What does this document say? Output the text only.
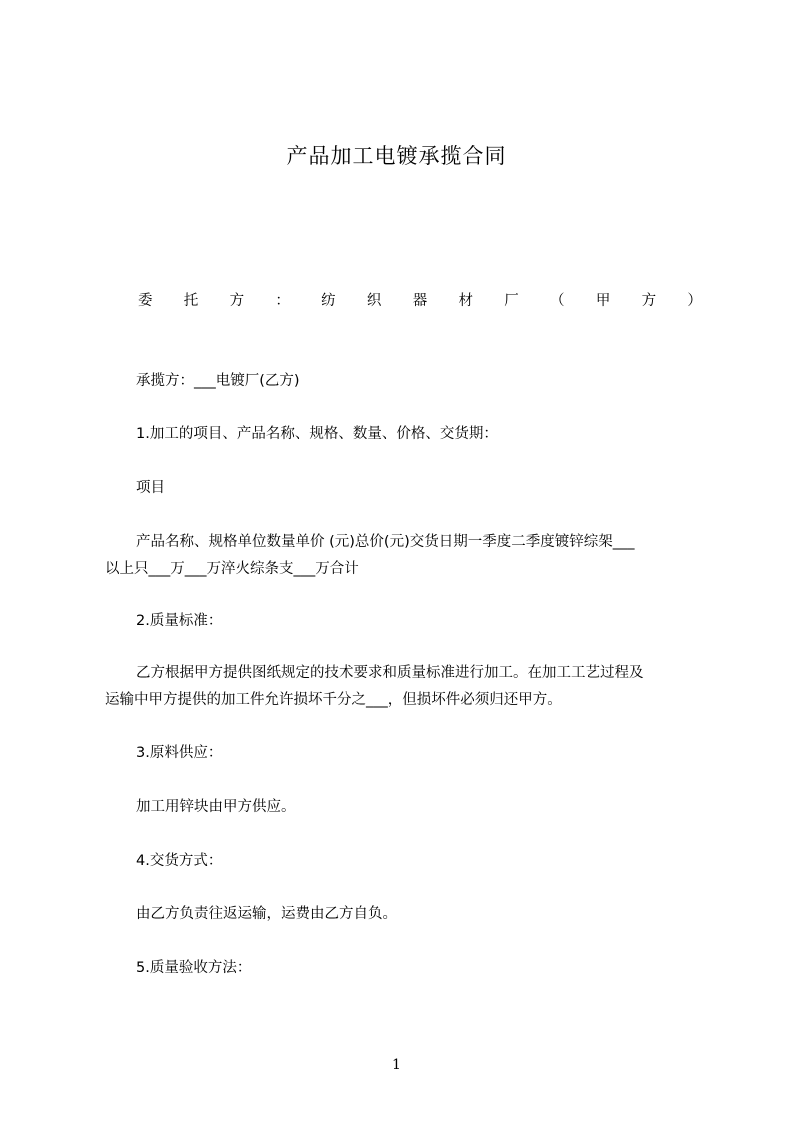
产品加工电镀承揽合同
委 托 方 ： 纺 织 器 材 厂 （ 甲 方 ）
承揽方：___电镀厂(乙方)
1.加工的项目、产品名称、规格、数量、价格、交货期：
项目
产品名称、规格单位数量单价 (元)总价(元)交货日期一季度二季度镀锌综架___
以上只___万___万淬火综条支___万合计
2.质量标准：
乙方根据甲方提供图纸规定的技术要求和质量标准进行加工。在加工工艺过程及
运输中甲方提供的加工件允许损坏千分之___，但损坏件必须归还甲方。
3.原料供应：
加工用锌块由甲方供应。
4.交货方式：
由乙方负责往返运输，运费由乙方自负。
5.质量验收方法：
1
